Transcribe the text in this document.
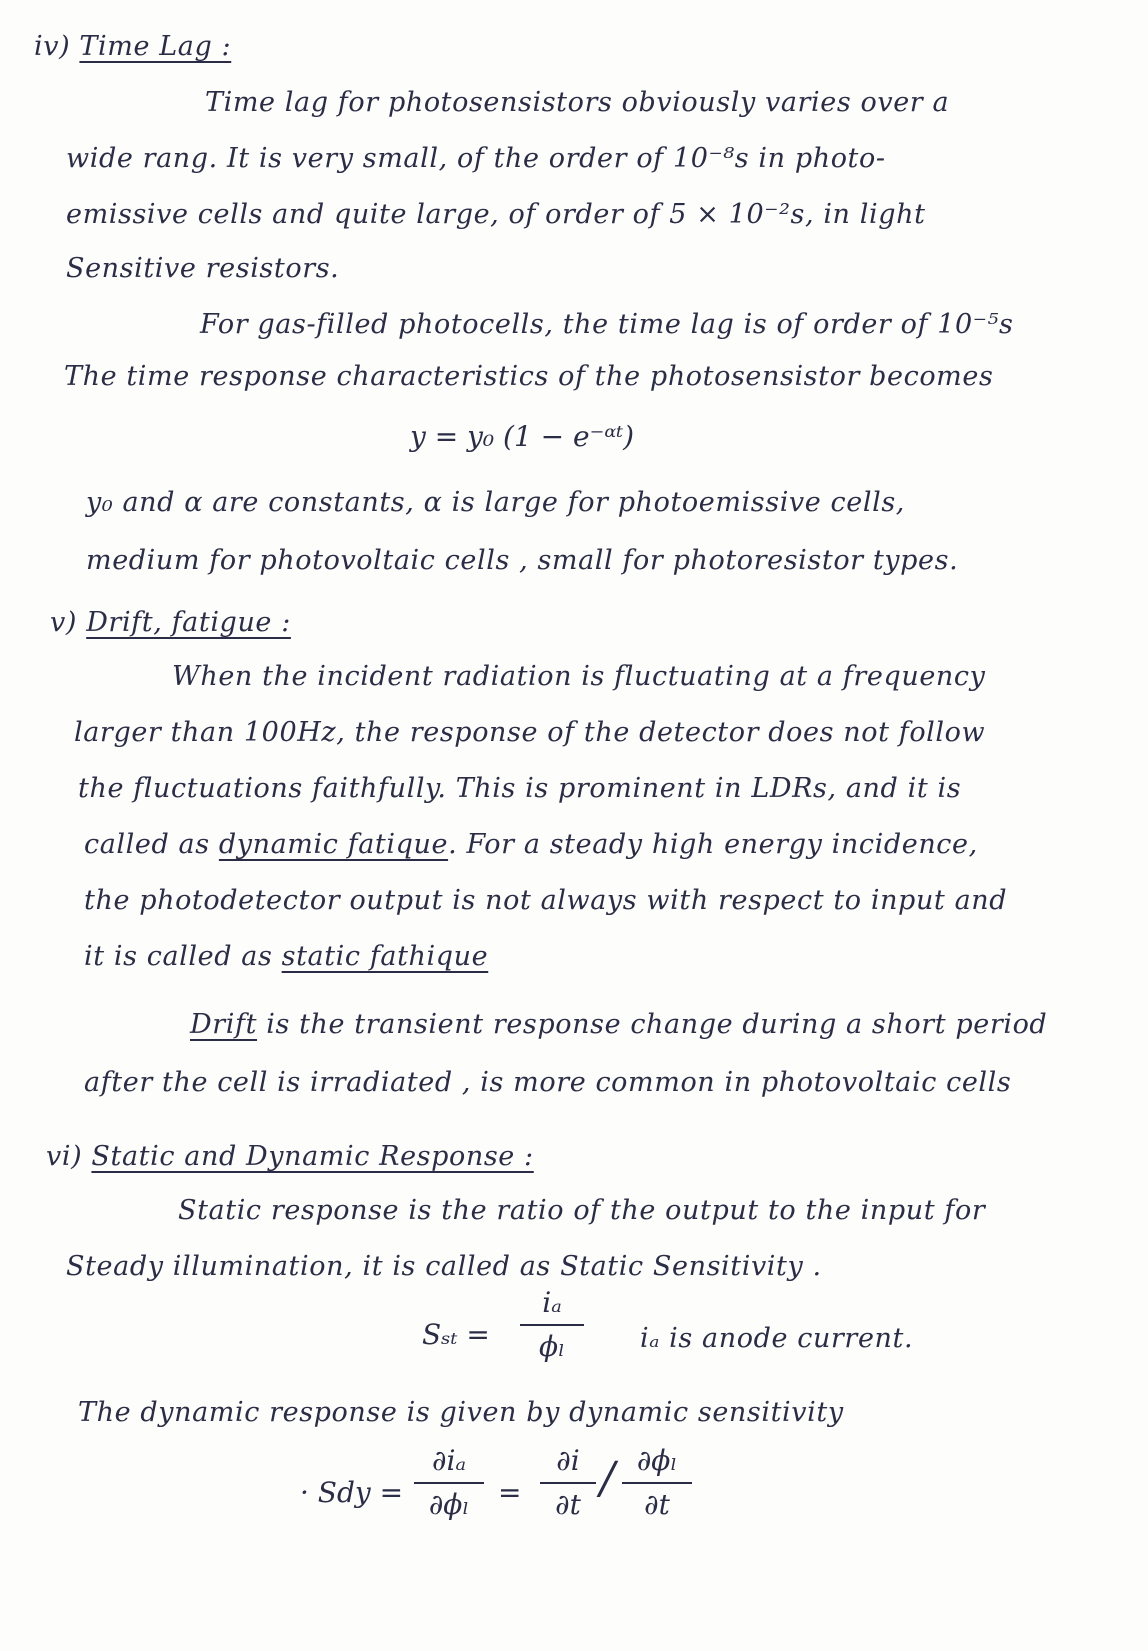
iv) Time Lag :
Time lag for photosensistors obviously varies over a
wide rang. It is very small, of the order of 10⁻⁸s in photo-
emissive cells and quite large, of order of 5 × 10⁻²s, in light
Sensitive resistors.
For gas-filled photocells, the time lag is of order of 10⁻⁵s
The time response characteristics of the photosensistor becomes
y = y₀ (1 − e⁻ᵅᵗ)
y₀ and α are constants, α is large for photoemissive cells,
medium for photovoltaic cells , small for photoresistor types.
v) Drift, fatigue :
When the incident radiation is fluctuating at a frequency
larger than 100Hz, the response of the detector does not follow
the fluctuations faithfully. This is prominent in LDRs, and it is
called as dynamic fatique. For a steady high energy incidence,
the photodetector output is not always with respect to input and
it is called as static fathique
Drift is the transient response change during a short period
after the cell is irradiated , is more common in photovoltaic cells
vi) Static and Dynamic Response :
Static response is the ratio of the output to the input for
Steady illumination, it is called as Static Sensitivity .
Sₛₜ =
iₐ
ϕₗ	iₐ is anode current.
The dynamic response is given by dynamic sensitivity
· Sdy =
∂iₐ
∂ϕₗ	=
∂i
∂t
/ ∂ϕₗ
∂t
